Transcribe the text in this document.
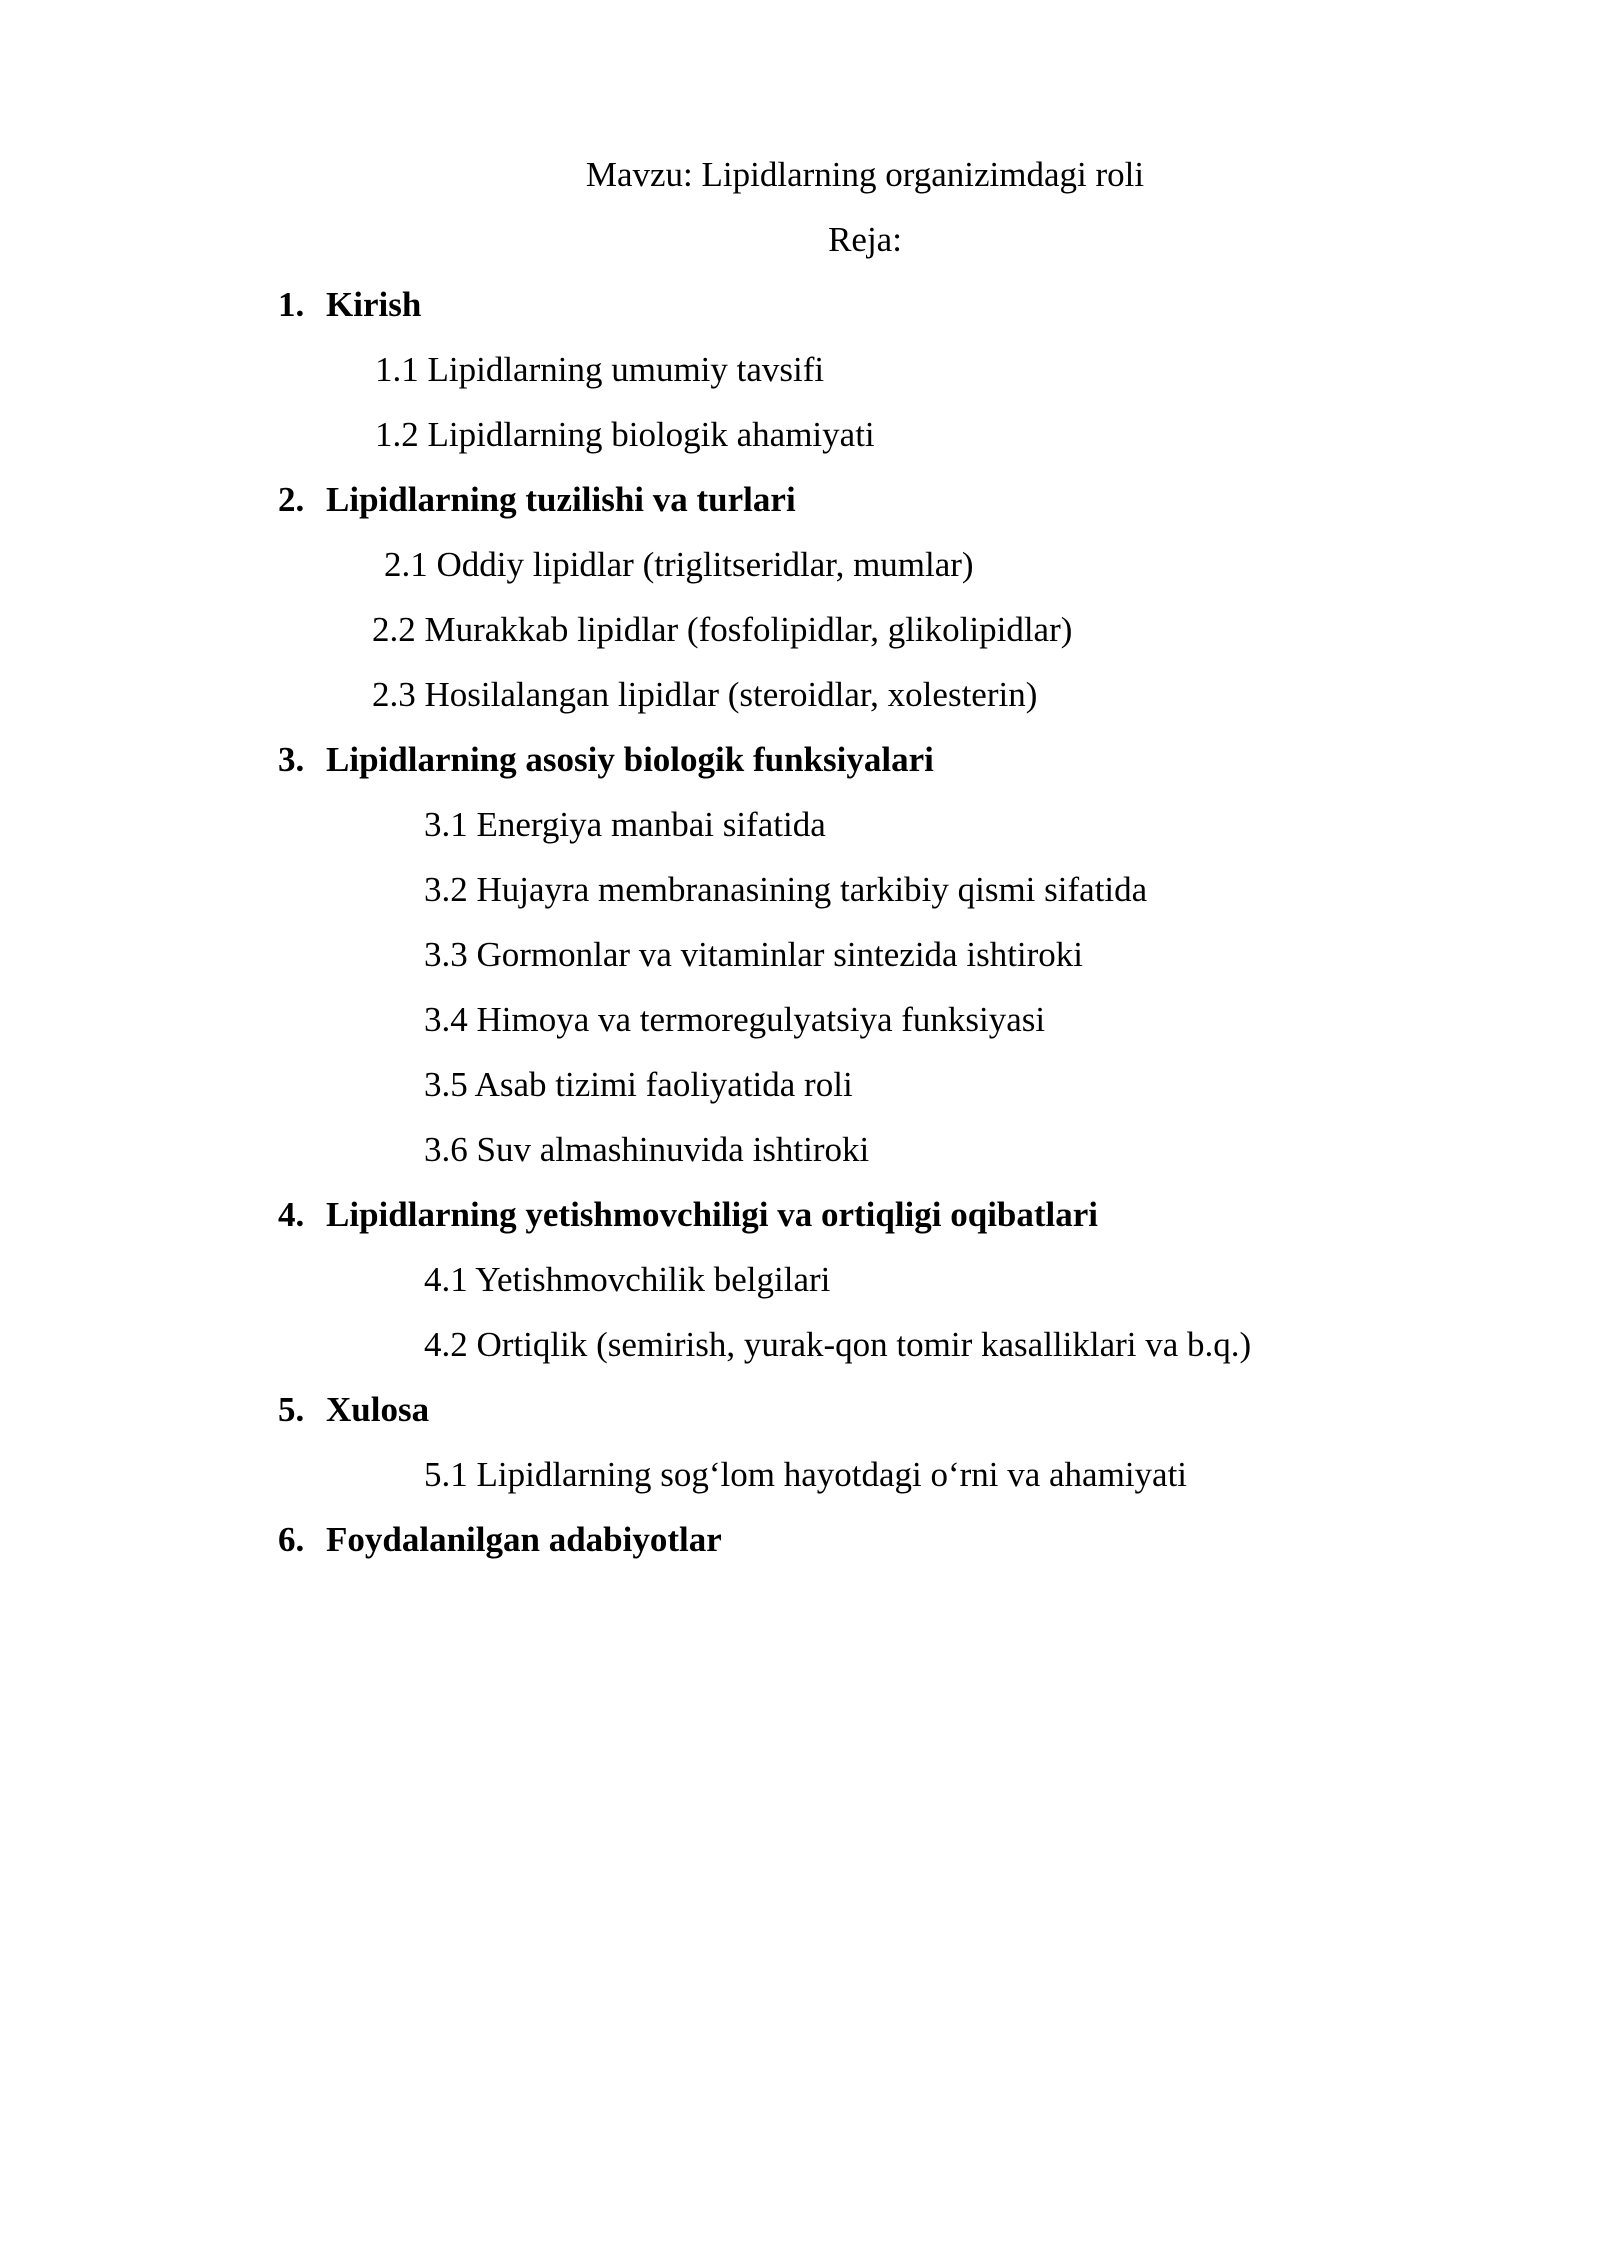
Mavzu: Lipidlarning organizimdagi roli
Reja:
1. Kirish
1.1 Lipidlarning umumiy tavsifi
1.2 Lipidlarning biologik ahamiyati
2. Lipidlarning tuzilishi va turlari
2.1 Oddiy lipidlar (triglitseridlar, mumlar)
2.2 Murakkab lipidlar (fosfolipidlar, glikolipidlar)
2.3 Hosilalangan lipidlar (steroidlar, xolesterin)
3. Lipidlarning asosiy biologik funksiyalari
3.1 Energiya manbai sifatida
3.2 Hujayra membranasining tarkibiy qismi sifatida
3.3 Gormonlar va vitaminlar sintezida ishtiroki
3.4 Himoya va termoregulyatsiya funksiyasi
3.5 Asab tizimi faoliyatida roli
3.6 Suv almashinuvida ishtiroki
4. Lipidlarning yetishmovchiligi va ortiqligi oqibatlari
4.1 Yetishmovchilik belgilari
4.2 Ortiqlik (semirish, yurak-qon tomir kasalliklari va b.q.)
5. Xulosa
5.1 Lipidlarning sog‘lom hayotdagi o‘rni va ahamiyati
6. Foydalanilgan adabiyotlar
